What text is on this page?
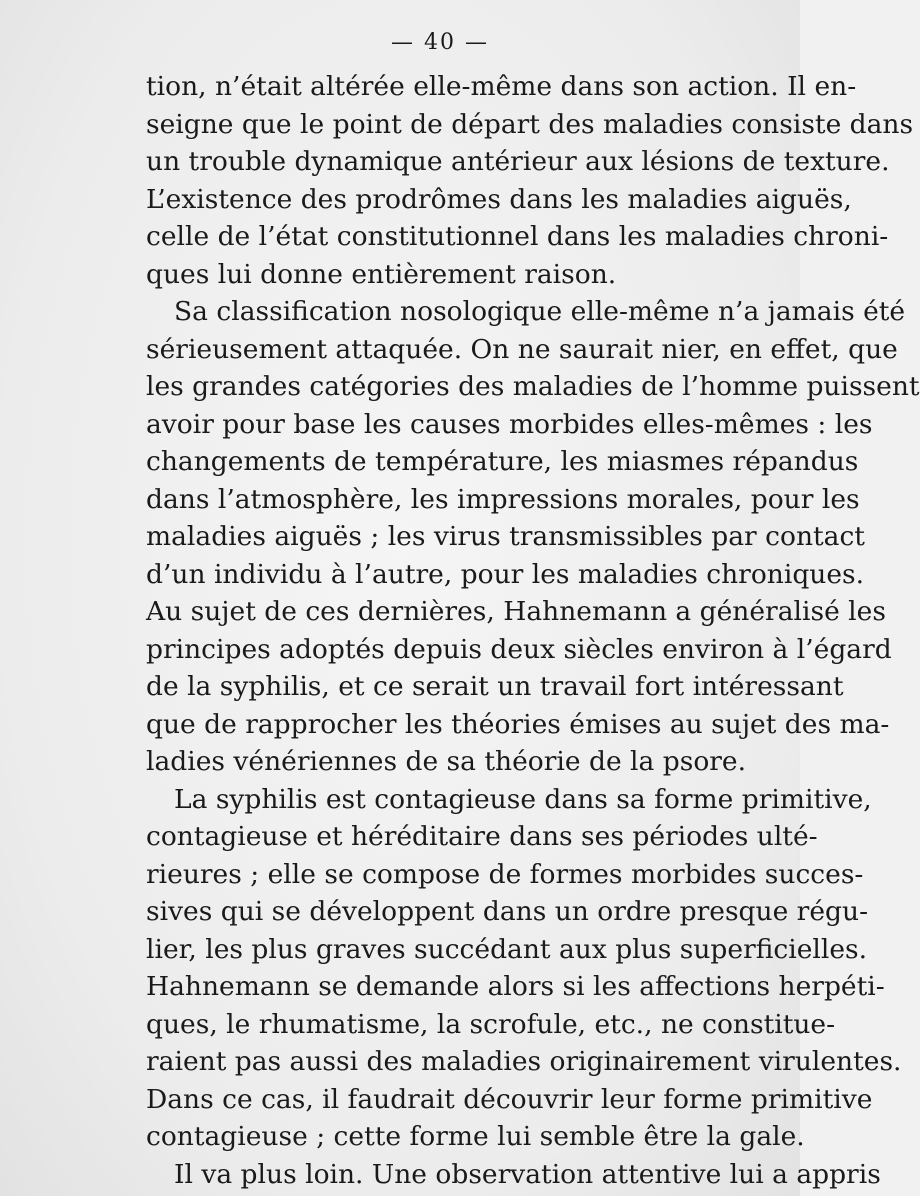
— 40 —
tion, n’était altérée elle-même dans son action. Il en-
seigne que le point de départ des maladies consiste dans
un trouble dynamique antérieur aux lésions de texture.
L’existence des prodrômes dans les maladies aiguës,
celle de l’état constitutionnel dans les maladies chroni-
ques lui donne entièrement raison.
Sa classification nosologique elle-même n’a jamais été
sérieusement attaquée. On ne saurait nier, en effet, que
les grandes catégories des maladies de l’homme puissent
avoir pour base les causes morbides elles-mêmes : les
changements de température, les miasmes répandus
dans l’atmosphère, les impressions morales, pour les
maladies aiguës ; les virus transmissibles par contact
d’un individu à l’autre, pour les maladies chroniques.
Au sujet de ces dernières, Hahnemann a généralisé les
principes adoptés depuis deux siècles environ à l’égard
de la syphilis, et ce serait un travail fort intéressant
que de rapprocher les théories émises au sujet des ma-
ladies vénériennes de sa théorie de la psore.
La syphilis est contagieuse dans sa forme primitive,
contagieuse et héréditaire dans ses périodes ulté-
rieures ; elle se compose de formes morbides succes-
sives qui se développent dans un ordre presque régu-
lier, les plus graves succédant aux plus superficielles.
Hahnemann se demande alors si les affections herpéti-
ques, le rhumatisme, la scrofule, etc., ne constitue-
raient pas aussi des maladies originairement virulentes.
Dans ce cas, il faudrait découvrir leur forme primitive
contagieuse ; cette forme lui semble être la gale.
Il va plus loin. Une observation attentive lui a appris
